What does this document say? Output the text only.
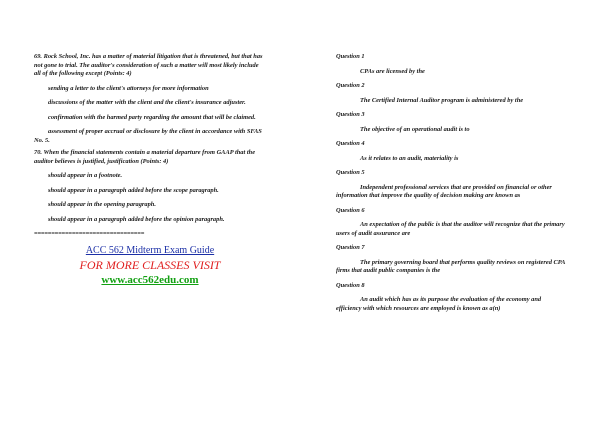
69. Rock School, Inc. has a matter of material litigation that is threatened, but that has not gone to trial. The auditor's consideration of such a matter will most likely include all of the following except (Points: 4)

sending a letter to the client's attorneys for more information

discussions of the matter with the client and the client's insurance adjuster.

confirmation with the harmed party regarding the amount that will be claimed.

assessment of proper accrual or disclosure by the client in accordance with SFAS No. 5.

70. When the financial statements contain a material departure from GAAP that the auditor believes is justified, justification (Points: 4)

should appear in a footnote.

should appear in a paragraph added before the scope paragraph.

should appear in the opening paragraph.

should appear in a paragraph added before the opinion paragraph.

================================
ACC 562 Midterm Exam Guide
FOR MORE CLASSES VISIT
www.acc562edu.com

Question 1

CPAs are licensed by the

Question 2

The Certified Internal Auditor program is administered by the

Question 3

The objective of an operational audit is to

Question 4

As it relates to an audit, materiality is

Question 5

Independent professional services that are provided on financial or other information that improve the quality of decision making are known as

Question 6

An expectation of the public is that the auditor will recognize that the primary users of audit assurance are

Question 7

The primary governing board that performs quality reviews on registered CPA firms that audit public companies is the

Question 8

An audit which has as its purpose the evaluation of the economy and efficiency with which resources are employed is known as a(n)
